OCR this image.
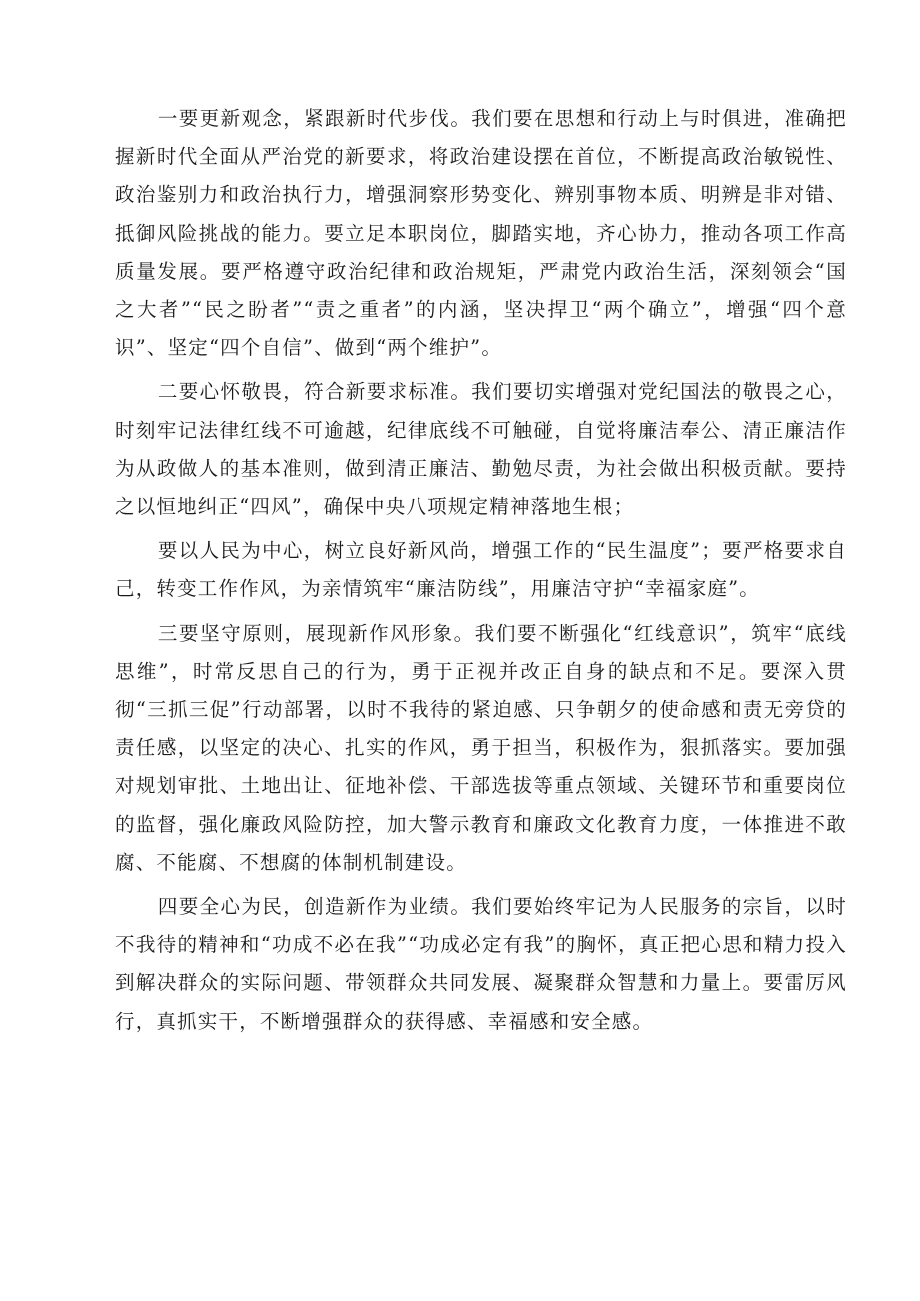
一要更新观念，紧跟新时代步伐。我们要在思想和行动上与时俱进，准确把握新时代全面从严治党的新要求，将政治建设摆在首位，不断提高政治敏锐性、政治鉴别力和政治执行力，增强洞察形势变化、辨别事物本质、明辨是非对错、抵御风险挑战的能力。要立足本职岗位，脚踏实地，齐心协力，推动各项工作高质量发展。要严格遵守政治纪律和政治规矩，严肃党内政治生活，深刻领会“国之大者”“民之盼者”“责之重者”的内涵，坚决捍卫“两个确立”，增强“四个意识”、坚定“四个自信”、做到“两个维护”。

二要心怀敬畏，符合新要求标准。我们要切实增强对党纪国法的敬畏之心，时刻牢记法律红线不可逾越，纪律底线不可触碰，自觉将廉洁奉公、清正廉洁作为从政做人的基本准则，做到清正廉洁、勤勉尽责，为社会做出积极贡献。要持之以恒地纠正“四风”，确保中央八项规定精神落地生根；

要以人民为中心，树立良好新风尚，增强工作的“民生温度”；要严格要求自己，转变工作作风，为亲情筑牢“廉洁防线”，用廉洁守护“幸福家庭”。

三要坚守原则，展现新作风形象。我们要不断强化“红线意识”，筑牢“底线思维”，时常反思自己的行为，勇于正视并改正自身的缺点和不足。要深入贯彻“三抓三促”行动部署，以时不我待的紧迫感、只争朝夕的使命感和责无旁贷的责任感，以坚定的决心、扎实的作风，勇于担当，积极作为，狠抓落实。要加强对规划审批、土地出让、征地补偿、干部选拔等重点领域、关键环节和重要岗位的监督，强化廉政风险防控，加大警示教育和廉政文化教育力度，一体推进不敢腐、不能腐、不想腐的体制机制建设。

四要全心为民，创造新作为业绩。我们要始终牢记为人民服务的宗旨，以时不我待的精神和“功成不必在我”“功成必定有我”的胸怀，真正把心思和精力投入到解决群众的实际问题、带领群众共同发展、凝聚群众智慧和力量上。要雷厉风行，真抓实干，不断增强群众的获得感、幸福感和安全感。
